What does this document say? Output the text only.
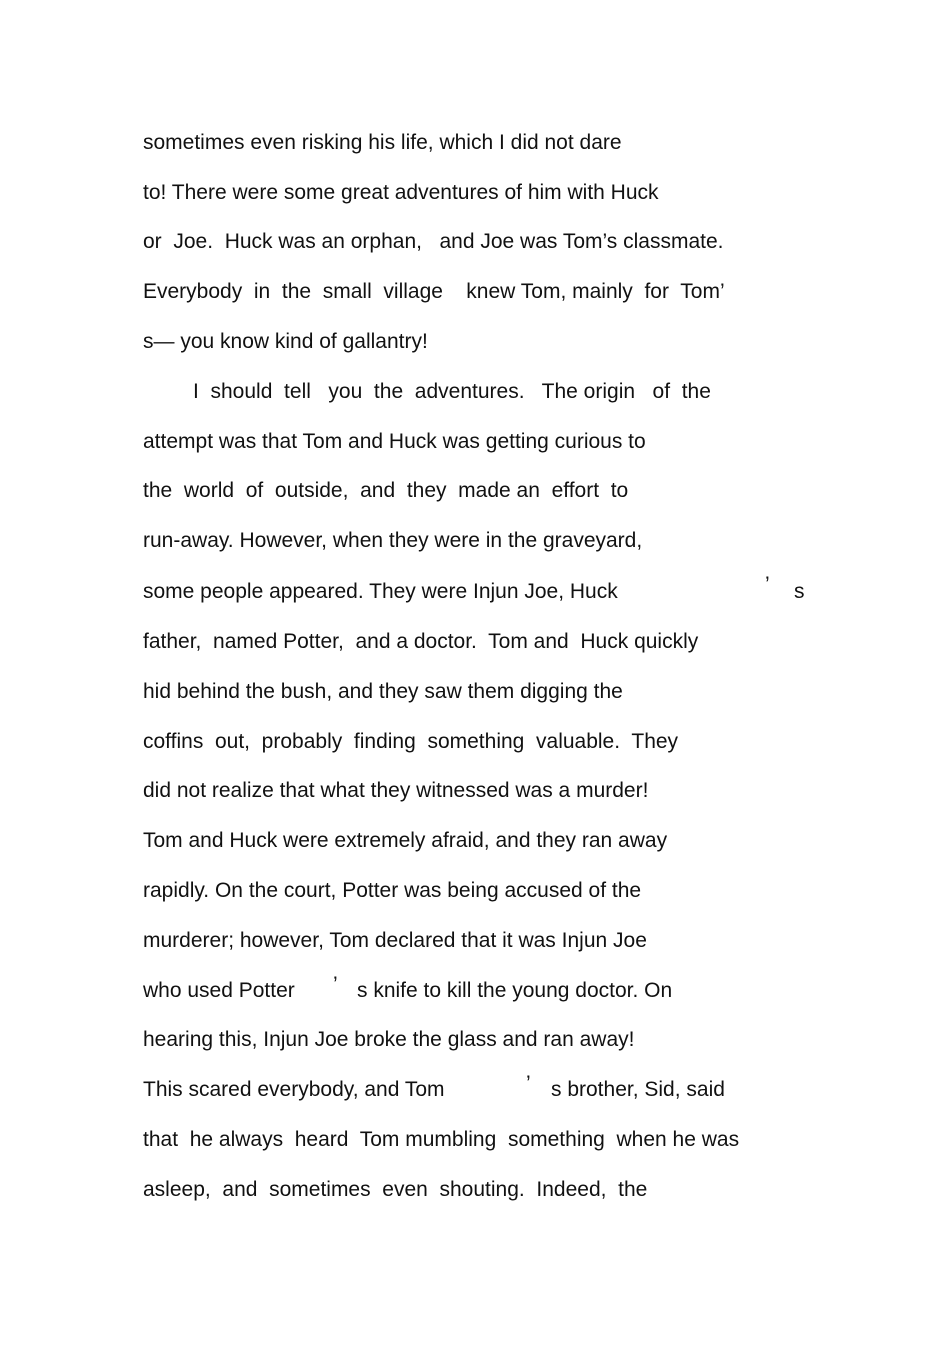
sometimes even risking his life, which I did not dare
to! There were some great adventures of him with Huck
or  Joe.  Huck was an orphan,   and Joe was Tom’s classmate.
Everybody  in  the  small  village    knew Tom, mainly  for  Tom’
s— you know kind of gallantry!
I  should  tell   you  the  adventures.   The origin   of  the
attempt was that Tom and Huck was getting curious to
the  world  of  outside,  and  they  made an  effort  to
run-away. However, when they were in the graveyard,
some people appeared. They were Injun Joe, Huck	’ s
father,  named Potter,  and a doctor.  Tom and  Huck quickly
hid behind the bush, and they saw them digging the
coffins  out,  probably  finding  something  valuable.  They
did not realize that what they witnessed was a murder!
Tom and Huck were extremely afraid, and they ran away
rapidly. On the court, Potter was being accused of the
murderer; however, Tom declared that it was Injun Joe
who used Potter ’ s knife to kill the young doctor. On
hearing this, Injun Joe broke the glass and ran away!
This scared everybody, and Tom	’ s brother, Sid, said
that  he always  heard  Tom mumbling  something  when he was
asleep,  and  sometimes  even  shouting.  Indeed,  the
